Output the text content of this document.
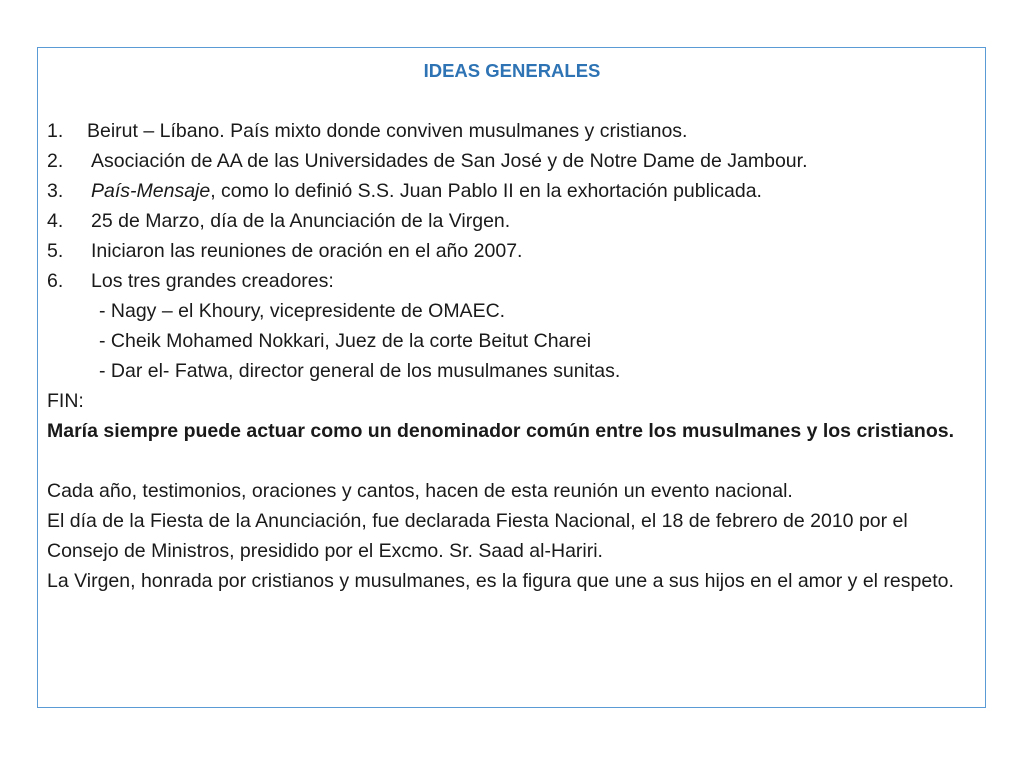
IDEAS GENERALES
1.	Beirut – Líbano. País mixto donde conviven musulmanes y cristianos.
2.	Asociación de AA de las Universidades de San José y de Notre Dame de Jambour.
3.	País-Mensaje, como lo definió S.S. Juan Pablo II en la exhortación publicada.
4.	25 de Marzo, día de la Anunciación de la Virgen.
5.	Iniciaron las reuniones de oración en el año 2007.
6.	Los tres grandes creadores:
- Nagy – el Khoury, vicepresidente de OMAEC.
- Cheik Mohamed Nokkari, Juez de la corte Beitut Charei
- Dar el- Fatwa, director general de los musulmanes sunitas.
FIN:

María siempre puede actuar como un denominador común entre los musulmanes y los cristianos.

Cada año, testimonios, oraciones y cantos, hacen de esta reunión un evento nacional.

El día de la Fiesta de la Anunciación, fue declarada Fiesta Nacional, el 18 de febrero de 2010 por el Consejo de Ministros, presidido por el Excmo. Sr. Saad al-Hariri.

La Virgen, honrada por cristianos y musulmanes, es la figura que une a sus hijos en el amor y el respeto.
